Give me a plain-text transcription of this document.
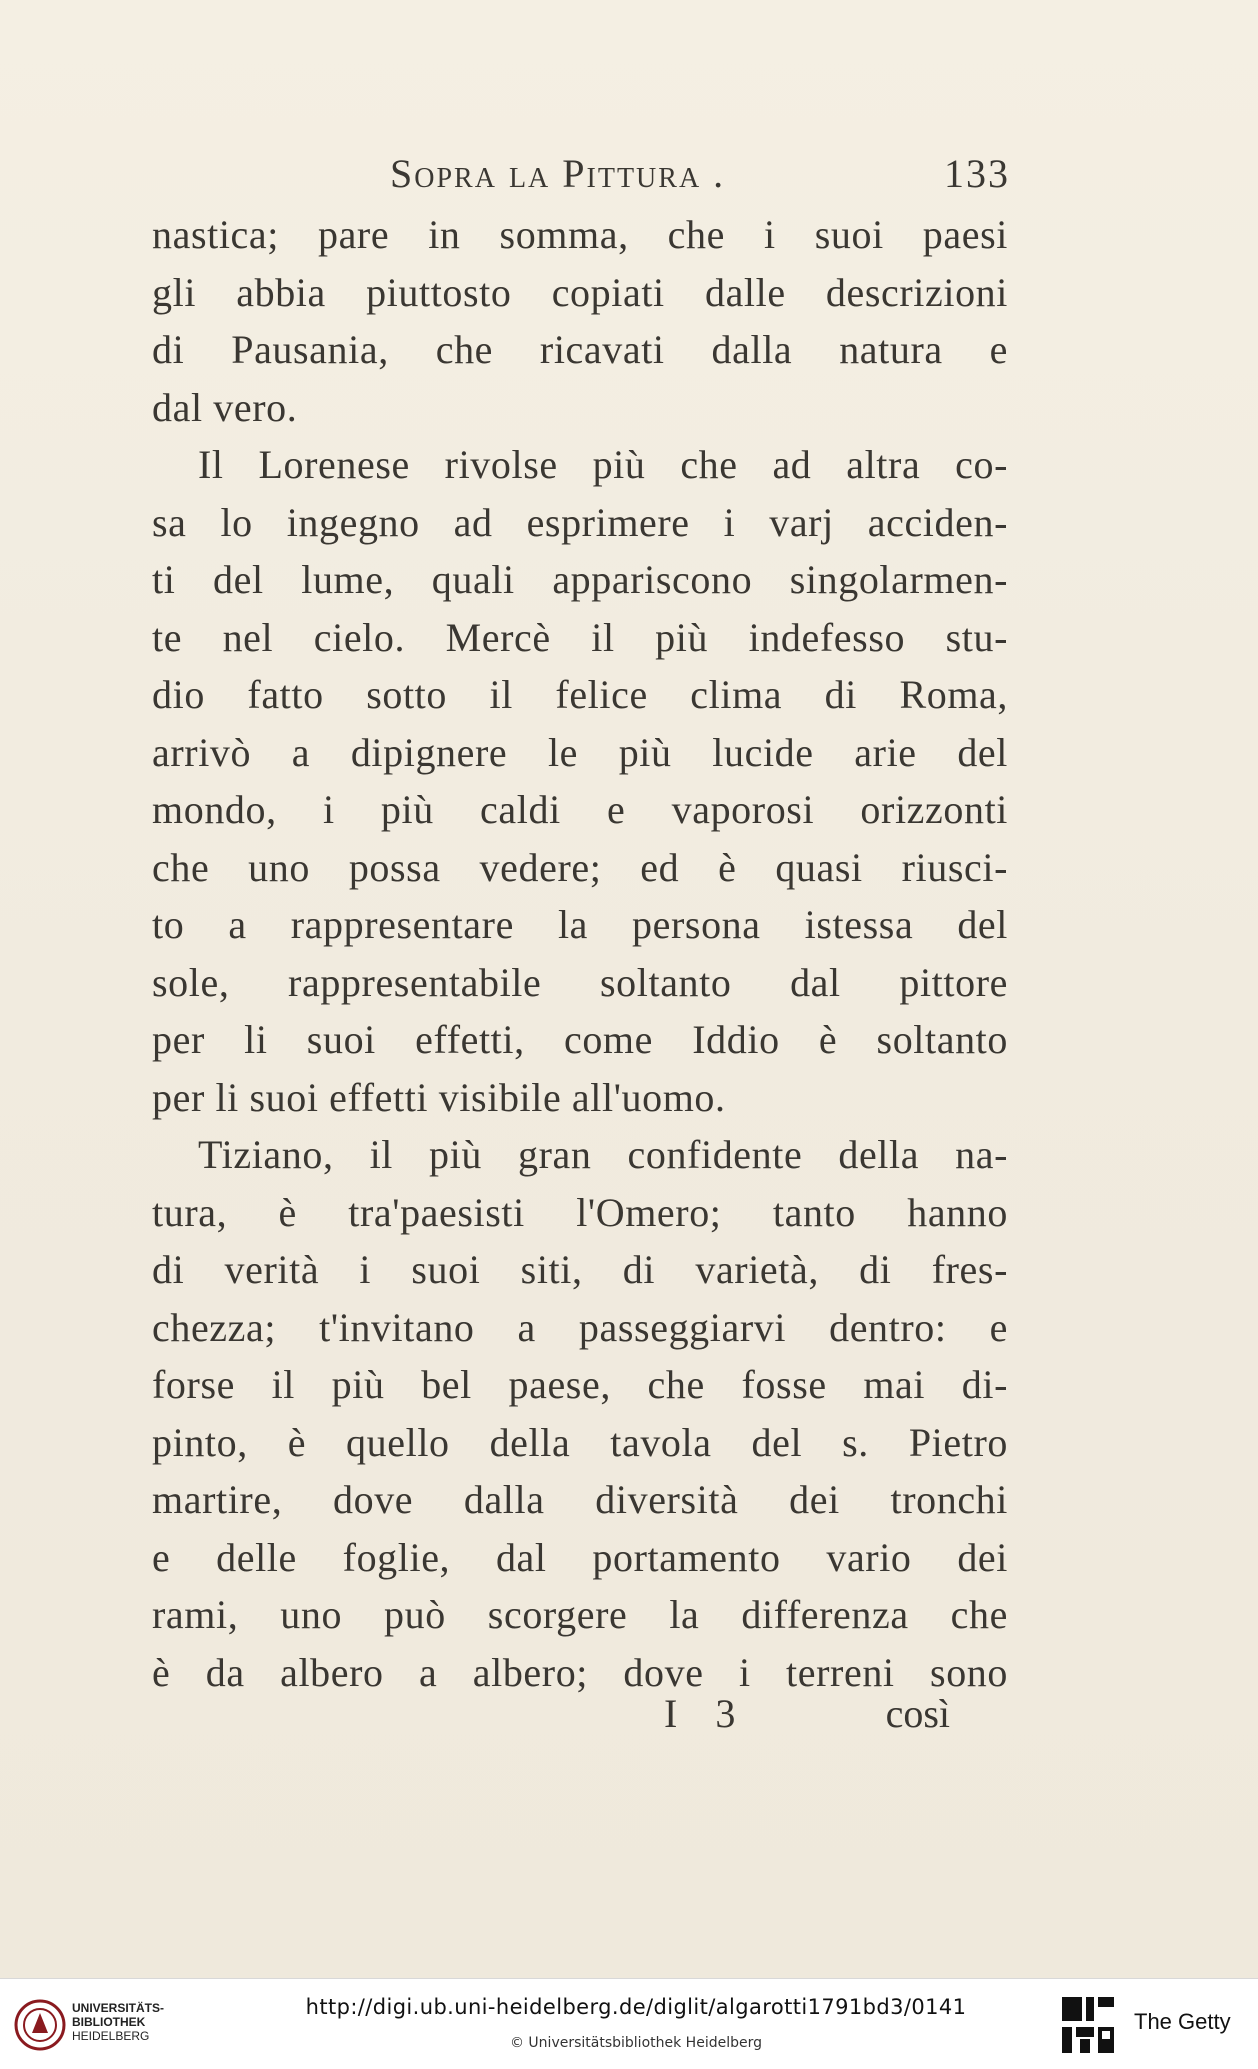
Sopra la Pittura .	133
nastica; pare in somma, che i suoi paesi
gli abbia piuttosto copiati dalle descrizioni
di Pausania, che ricavati dalla natura e
dal vero.
Il Lorenese rivolse più che ad altra co-
sa lo ingegno ad esprimere i varj acciden-
ti del lume, quali appariscono singolarmen-
te nel cielo. Mercè il più indefesso stu-
dio fatto sotto il felice clima di Roma,
arrivò a dipignere le più lucide arie del
mondo, i più caldi e vaporosi orizzonti
che uno possa vedere; ed è quasi riusci-
to a rappresentare la persona istessa del
sole, rappresentabile soltanto dal pittore
per li suoi effetti, come Iddio è soltanto
per li suoi effetti visibile all'uomo.
Tiziano, il più gran confidente della na-
tura, è tra'paesisti l'Omero; tanto hanno
di verità i suoi siti, di varietà, di fres-
chezza; t'invitano a passeggiarvi dentro: e
forse il più bel paese, che fosse mai di-
pinto, è quello della tavola del s. Pietro
martire, dove dalla diversità dei tronchi
e delle foglie, dal portamento vario dei
rami, uno può scorgere la differenza che
è da albero a albero; dove i terreni sono
I 3	così
UNIVERSITÄTS-
BIBLIOTHEK
HEIDELBERG
http://digi.ub.uni-heidelberg.de/diglit/algarotti1791bd3/0141
© Universitätsbibliothek Heidelberg
The Getty
